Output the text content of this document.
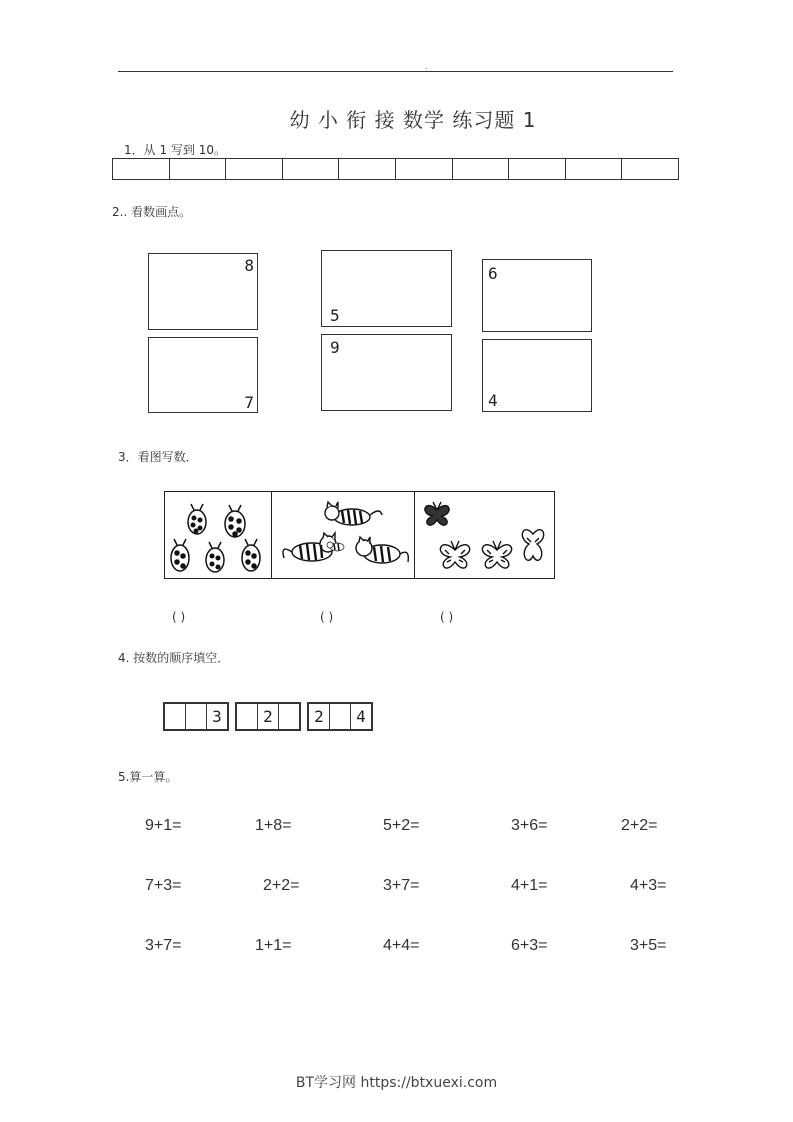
.
幼 小 衔 接 数学 练习题 1
1．从 1 写到 10。
2.. 看数画点。
8
5
6
7
9
4
3．看图写数．
( )	( )	( )
4. 按数的顺序填空．
3	2	2	4
5.算一算。
9+1=	1+8=	5+2=	3+6=	2+2=
7+3=	2+2=	3+7=	4+1=	4+3=
3+7=	1+1=	4+4=	6+3=	3+5=
BT学习网 https://btxuexi.com
